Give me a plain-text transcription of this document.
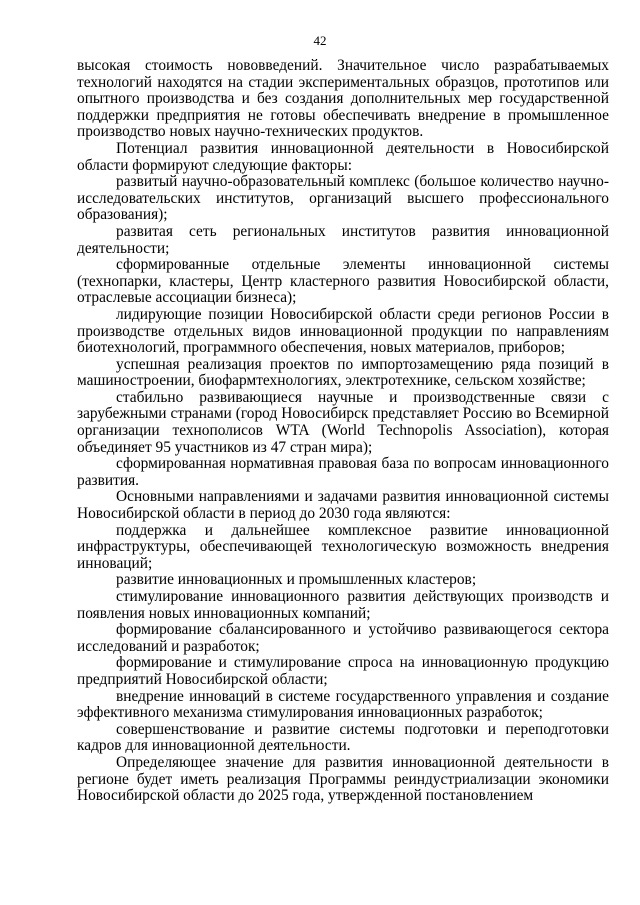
42

высокая стоимость нововведений. Значительное число разрабатываемых технологий находятся на стадии экспериментальных образцов, прототипов или опытного производства и без создания дополнительных мер государственной поддержки предприятия не готовы обеспечивать внедрение в промышленное производство новых научно-технических продуктов.

Потенциал развития инновационной деятельности в Новосибирской области формируют следующие факторы:

развитый научно-образовательный комплекс (большое количество научно-исследовательских институтов, организаций высшего профессионального образования);

развитая сеть региональных институтов развития инновационной деятельности;

сформированные отдельные элементы инновационной системы (технопарки, кластеры, Центр кластерного развития Новосибирской области, отраслевые ассоциации бизнеса);

лидирующие позиции Новосибирской области среди регионов России в производстве отдельных видов инновационной продукции по направлениям биотехнологий, программного обеспечения, новых материалов, приборов;

успешная реализация проектов по импортозамещению ряда позиций в машиностроении, биофармтехнологиях, электротехнике, сельском хозяйстве;

стабильно развивающиеся научные и производственные связи с зарубежными странами (город Новосибирск представляет Россию во Всемирной организации технополисов WTA (World Technopolis Association), которая объединяет 95 участников из 47 стран мира);

сформированная нормативная правовая база по вопросам инновационного развития.

Основными направлениями и задачами развития инновационной системы Новосибирской области в период до 2030 года являются:

поддержка и дальнейшее комплексное развитие инновационной инфраструктуры, обеспечивающей технологическую возможность внедрения инноваций;

развитие инновационных и промышленных кластеров;

стимулирование инновационного развития действующих производств и появления новых инновационных компаний;

формирование сбалансированного и устойчиво развивающегося сектора исследований и разработок;

формирование и стимулирование спроса на инновационную продукцию предприятий Новосибирской области;

внедрение инноваций в системе государственного управления и создание эффективного механизма стимулирования инновационных разработок;

совершенствование и развитие системы подготовки и переподготовки кадров для инновационной деятельности.

Определяющее значение для развития инновационной деятельности в регионе будет иметь реализация Программы реиндустриализации экономики Новосибирской области до 2025 года, утвержденной постановлением
